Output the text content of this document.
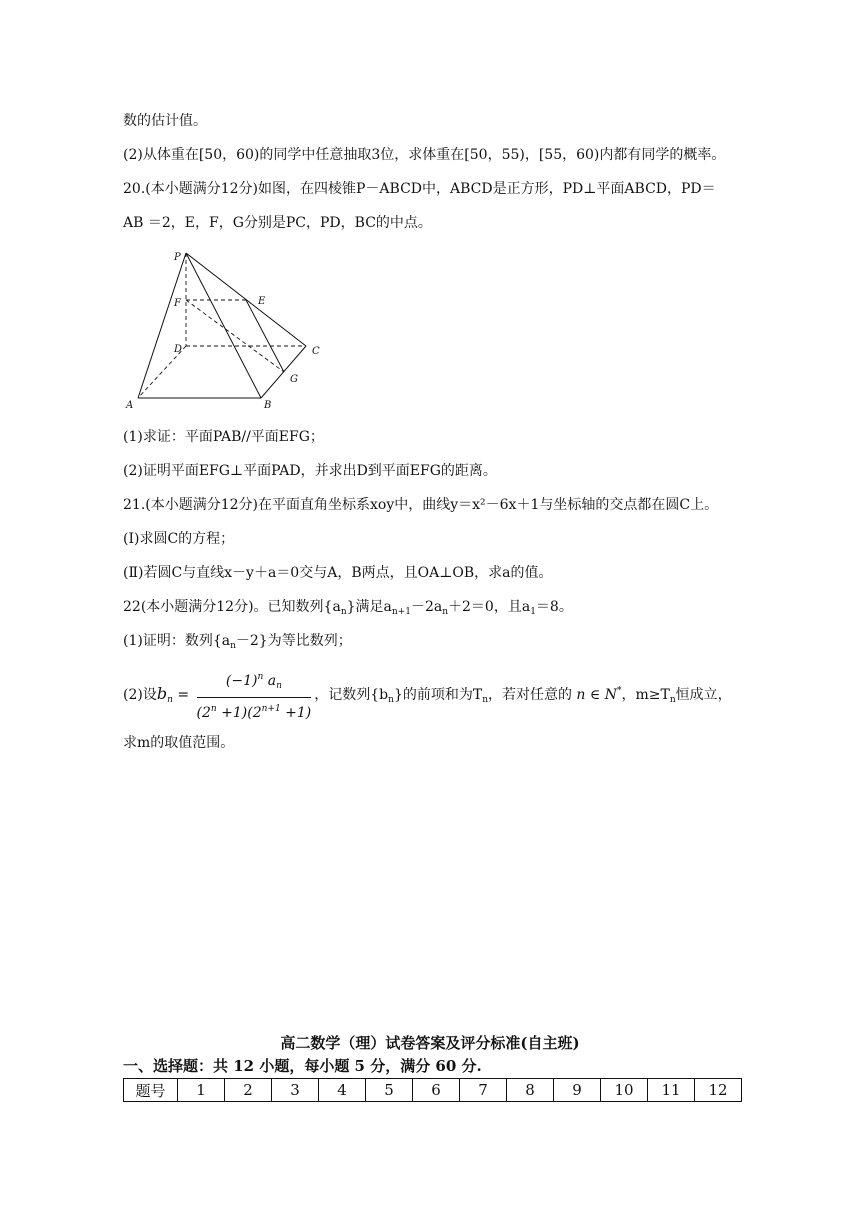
数的估计值。
(2)从体重在[50，60)的同学中任意抽取3位，求体重在[50，55)，[55，60)内都有同学的概率。
20.(本小题满分12分)如图，在四棱锥P－ABCD中，ABCD是正方形，PD⊥平面ABCD，PD＝
AB ＝2，E，F，G分别是PC，PD，BC的中点。
P
F	E
D	C
G
A	B
(1)求证：平面PAB//平面EFG；
(2)证明平面EFG⊥平面PAD，并求出D到平面EFG的距离。
21.(本小题满分12分)在平面直角坐标系xoy中，曲线y＝x²－6x＋1与坐标轴的交点都在圆C上。
(Ⅰ)求圆C的方程；
(Ⅱ)若圆C与直线x－y＋a＝0交与A，B两点，且OA⊥OB，求a的值。
22(本小题满分12分)。已知数列$\{a_n\}$满足$a_{n+1}-2a_n+2=0$，且$a_1=8$。
(1)证明：数列$\{a_n-2\}$为等比数列；
(2)设$b_n = \frac{(-1)^n a_n}{(2^n +1)(2^{n+1} +1)}$ ，记数列$\{b_n\}$的前项和为$T_n$，若对任意的 n ∈ N*，$m\ge T_n$恒成立，
求m的取值范围。
高二数学（理）试卷答案及评分标准(自主班)
一、选择题：共 12 小题，每小题 5 分，满分 60 分.
题号	1	2	3	4	5	6	7	8	9	10	11	12
